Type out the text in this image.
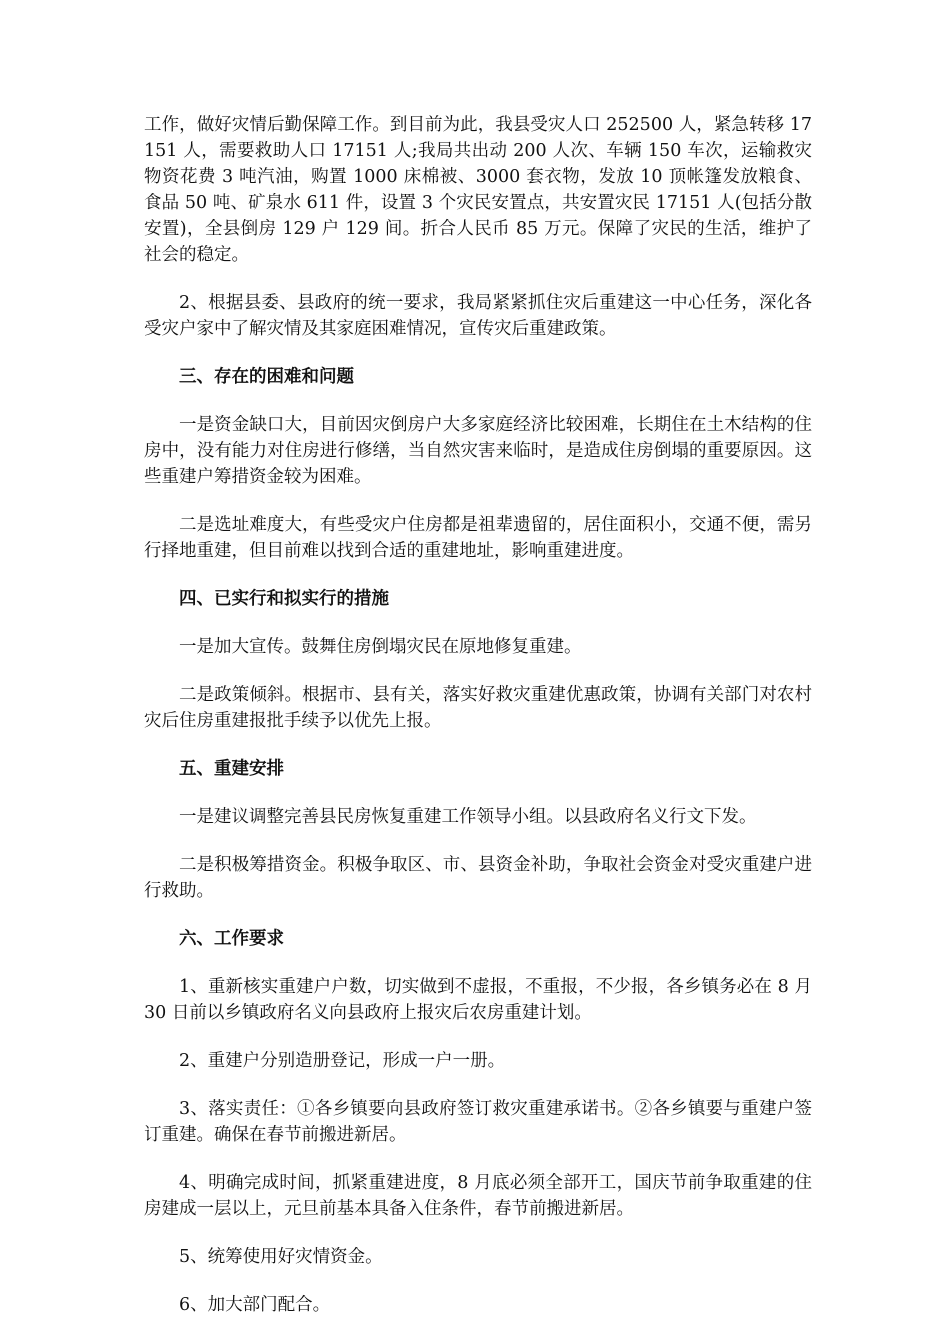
工作，做好灾情后勤保障工作。到目前为此，我县受灾人口 252500 人，紧急转移 17151 人，需要救助人口 17151 人;我局共出动 200 人次、车辆 150 车次，运输救灾物资花费 3 吨汽油，购置 1000 床棉被、3000 套衣物，发放 10 顶帐篷发放粮食、食品 50 吨、矿泉水 611 件，设置 3 个灾民安置点，共安置灾民 17151 人(包括分散安置)，全县倒房 129 户 129 间。折合人民币 85 万元。保障了灾民的生活，维护了社会的稳定。

2、根据县委、县政府的统一要求，我局紧紧抓住灾后重建这一中心任务，深化各受灾户家中了解灾情及其家庭困难情况，宣传灾后重建政策。

三、存在的困难和问题

一是资金缺口大，目前因灾倒房户大多家庭经济比较困难，长期住在土木结构的住房中，没有能力对住房进行修缮，当自然灾害来临时，是造成住房倒塌的重要原因。这些重建户筹措资金较为困难。

二是选址难度大，有些受灾户住房都是祖辈遗留的，居住面积小，交通不便，需另行择地重建，但目前难以找到合适的重建地址，影响重建进度。

四、已实行和拟实行的措施

一是加大宣传。鼓舞住房倒塌灾民在原地修复重建。

二是政策倾斜。根据市、县有关，落实好救灾重建优惠政策，协调有关部门对农村灾后住房重建报批手续予以优先上报。

五、重建安排

一是建议调整完善县民房恢复重建工作领导小组。以县政府名义行文下发。

二是积极筹措资金。积极争取区、市、县资金补助，争取社会资金对受灾重建户进行救助。

六、工作要求

1、重新核实重建户户数，切实做到不虚报，不重报，不少报，各乡镇务必在 8 月 30 日前以乡镇政府名义向县政府上报灾后农房重建计划。

2、重建户分别造册登记，形成一户一册。

3、落实责任：①各乡镇要向县政府签订救灾重建承诺书。②各乡镇要与重建户签订重建。确保在春节前搬进新居。

4、明确完成时间，抓紧重建进度，8 月底必须全部开工，国庆节前争取重建的住房建成一层以上，元旦前基本具备入住条件，春节前搬进新居。

5、统筹使用好灾情资金。

6、加大部门配合。
